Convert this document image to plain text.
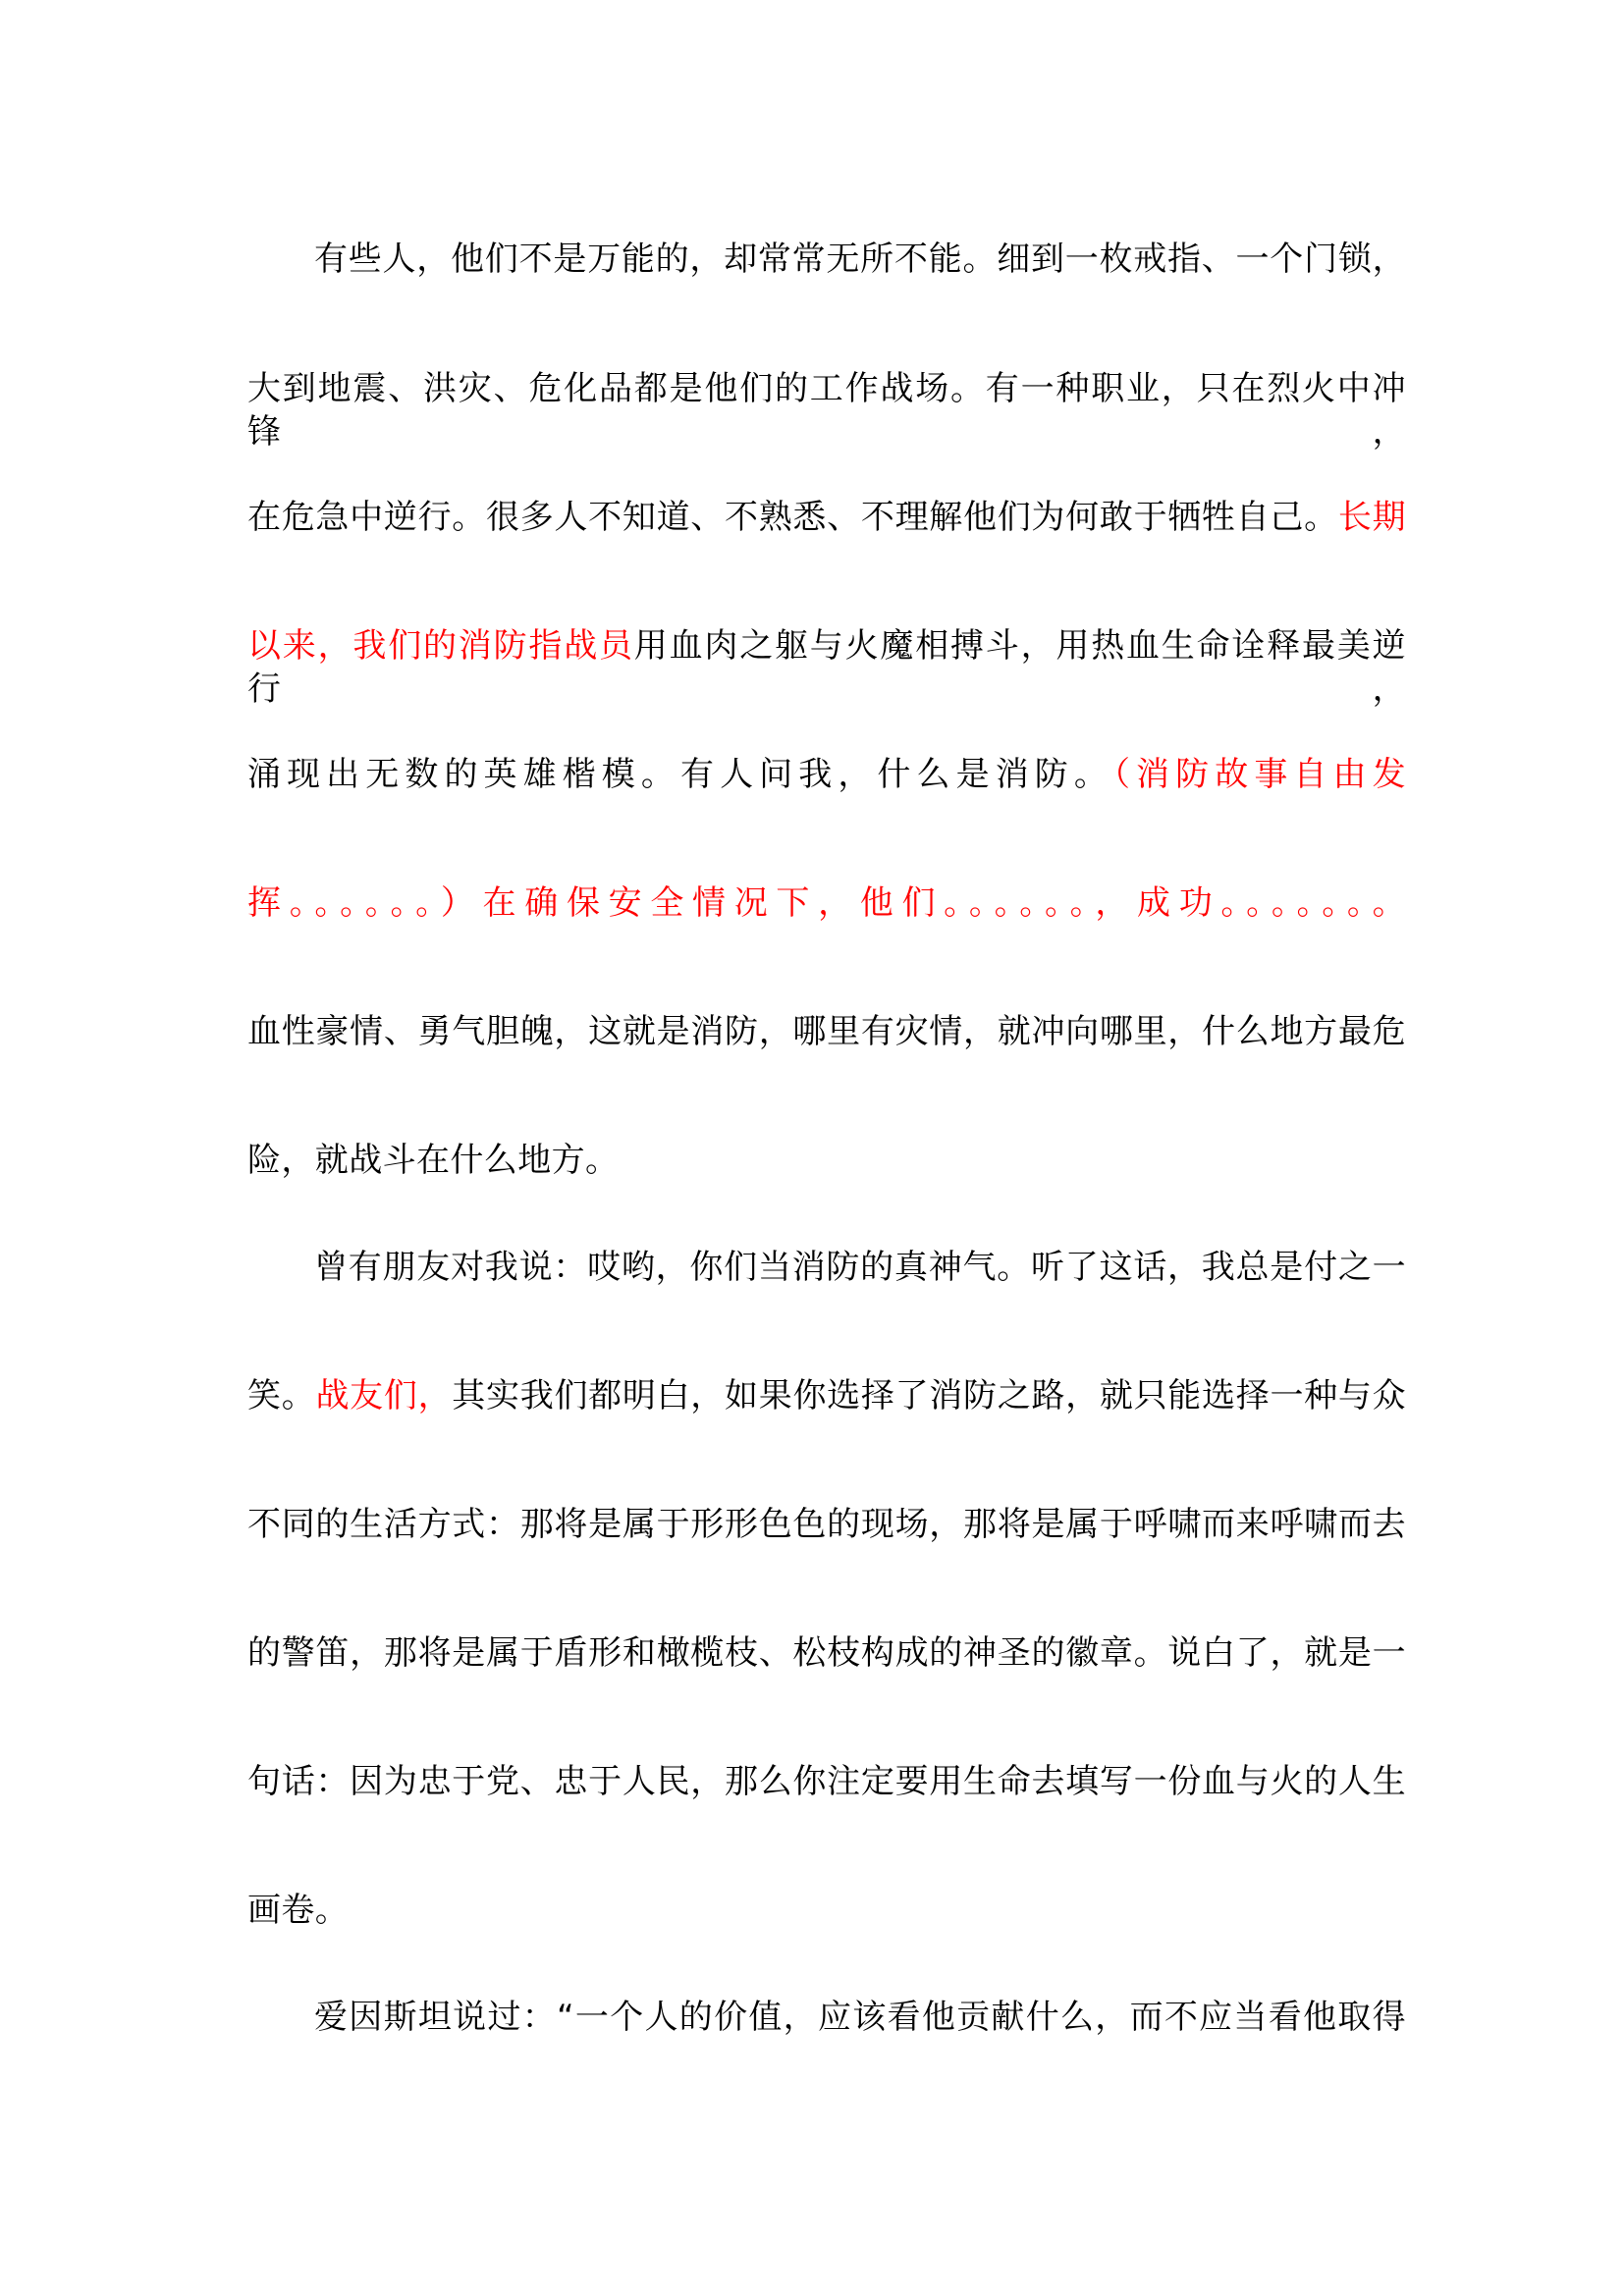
有些人，他们不是万能的，却常常无所不能。细到一枚戒指、一个门锁，
大到地震、洪灾、危化品都是他们的工作战场。有一种职业，只在烈火中冲锋，
在危急中逆行。很多人不知道、不熟悉、不理解他们为何敢于牺牲自己。长期
以来，我们的消防指战员用血肉之躯与火魔相搏斗，用热血生命诠释最美逆行，
涌现出无数的英雄楷模。有人问我，什么是消防。（消防故事自由发
挥。。。。。。）在确保安全情况下，他们。。。。。。，成功。。。。。。。
血性豪情、勇气胆魄，这就是消防，哪里有灾情，就冲向哪里，什么地方最危
险，就战斗在什么地方。
曾有朋友对我说：哎哟，你们当消防的真神气。听了这话，我总是付之一
笑。战友们，其实我们都明白，如果你选择了消防之路，就只能选择一种与众
不同的生活方式：那将是属于形形色色的现场，那将是属于呼啸而来呼啸而去
的警笛，那将是属于盾形和橄榄枝、松枝构成的神圣的徽章。说白了，就是一
句话：因为忠于党、忠于人民，那么你注定要用生命去填写一份血与火的人生
画卷。
爱因斯坦说过：“一个人的价值，应该看他贡献什么，而不应当看他取得
